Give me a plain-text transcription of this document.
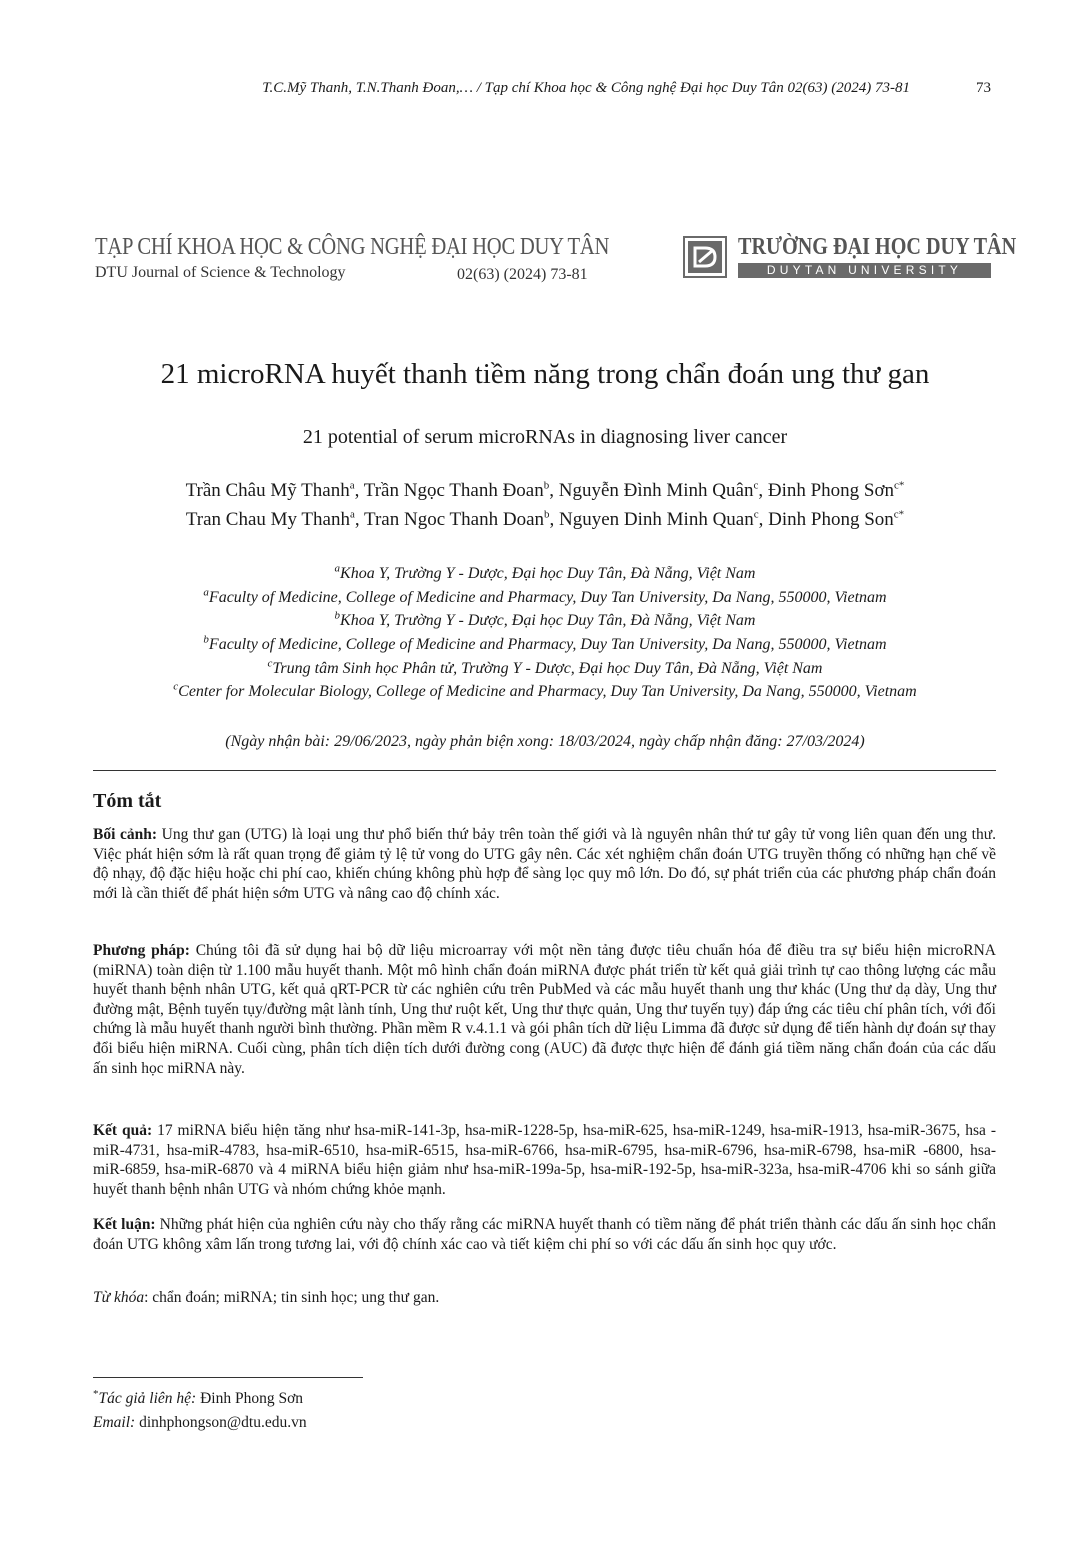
T.C.Mỹ Thanh, T.N.Thanh Đoan,… / Tạp chí Khoa học & Công nghệ Đại học Duy Tân 02(63) (2024) 73-81	73
TẠP CHÍ KHOA HỌC & CÔNG NGHỆ ĐẠI HỌC DUY TÂN
DTU Journal of Science & Technology	02(63) (2024) 73-81
TRƯỜNG ĐẠI HỌC DUY TÂN
DUYTAN UNIVERSITY
21 microRNA huyết thanh tiềm năng trong chẩn đoán ung thư gan
21 potential of serum microRNAs in diagnosing liver cancer
Trần Châu Mỹ Thanh$^a$, Trần Ngọc Thanh Đoan$^b$, Nguyễn Đình Minh Quân$^c$, Đinh Phong Sơn$^{c*}$
Tran Chau My Thanh$^a$, Tran Ngoc Thanh Doan$^b$, Nguyen Dinh Minh Quan$^c$, Dinh Phong Son$^{c*}$
$^a$Khoa Y, Trường Y - Dược, Đại học Duy Tân, Đà Nẵng, Việt Nam
$^a$Faculty of Medicine, College of Medicine and Pharmacy, Duy Tan University, Da Nang, 550000, Vietnam
$^b$Khoa Y, Trường Y - Dược, Đại học Duy Tân, Đà Nẵng, Việt Nam
$^b$Faculty of Medicine, College of Medicine and Pharmacy, Duy Tan University, Da Nang, 550000, Vietnam
$^c$Trung tâm Sinh học Phân tử, Trường Y - Dược, Đại học Duy Tân, Đà Nẵng, Việt Nam
$^c$Center for Molecular Biology, College of Medicine and Pharmacy, Duy Tan University, Da Nang, 550000, Vietnam
(Ngày nhận bài: 29/06/2023, ngày phản biện xong: 18/03/2024, ngày chấp nhận đăng: 27/03/2024)
Tóm tắt
Bối cảnh: Ung thư gan (UTG) là loại ung thư phổ biến thứ bảy trên toàn thế giới và là nguyên nhân thứ tư gây tử vong liên quan đến ung thư. Việc phát hiện sớm là rất quan trọng để giảm tỷ lệ tử vong do UTG gây nên. Các xét nghiệm chẩn đoán UTG truyền thống có những hạn chế về độ nhạy, độ đặc hiệu hoặc chi phí cao, khiến chúng không phù hợp để sàng lọc quy mô lớn. Do đó, sự phát triển của các phương pháp chẩn đoán mới là cần thiết để phát hiện sớm UTG và nâng cao độ chính xác.
Phương pháp: Chúng tôi đã sử dụng hai bộ dữ liệu microarray với một nền tảng được tiêu chuẩn hóa để điều tra sự biểu hiện microRNA (miRNA) toàn diện từ 1.100 mẫu huyết thanh. Một mô hình chẩn đoán miRNA được phát triển từ kết quả giải trình tự cao thông lượng các mẫu huyết thanh bệnh nhân UTG, kết quả qRT-PCR từ các nghiên cứu trên PubMed và các mẫu huyết thanh ung thư khác (Ung thư dạ dày, Ung thư đường mật, Bệnh tuyến tụy/đường mật lành tính, Ung thư ruột kết, Ung thư thực quản, Ung thư tuyến tụy) đáp ứng các tiêu chí phân tích, với đối chứng là mẫu huyết thanh người bình thường. Phần mềm R v.4.1.1 và gói phân tích dữ liệu Limma đã được sử dụng để tiến hành dự đoán sự thay đổi biểu hiện miRNA. Cuối cùng, phân tích diện tích dưới đường cong (AUC) đã được thực hiện để đánh giá tiềm năng chẩn đoán của các dấu ấn sinh học miRNA này.
Kết quả: 17 miRNA biểu hiện tăng như hsa-miR-141-3p, hsa-miR-1228-5p, hsa-miR-625, hsa-miR-1249, hsa-miR-1913, hsa-miR-3675, hsa -miR-4731, hsa-miR-4783, hsa-miR-6510, hsa-miR-6515, hsa-miR-6766, hsa-miR-6795, hsa-miR-6796, hsa-miR-6798, hsa-miR -6800, hsa-miR-6859, hsa-miR-6870 và 4 miRNA biểu hiện giảm như hsa-miR-199a-5p, hsa-miR-192-5p, hsa-miR-323a, hsa-miR-4706 khi so sánh giữa huyết thanh bệnh nhân UTG và nhóm chứng khỏe mạnh.
Kết luận: Những phát hiện của nghiên cứu này cho thấy rằng các miRNA huyết thanh có tiềm năng để phát triển thành các dấu ấn sinh học chẩn đoán UTG không xâm lấn trong tương lai, với độ chính xác cao và tiết kiệm chi phí so với các dấu ấn sinh học quy ước.
Từ khóa: chẩn đoán; miRNA; tin sinh học; ung thư gan.
*Tác giả liên hệ: Đinh Phong Sơn
Email: dinhphongson@dtu.edu.vn
